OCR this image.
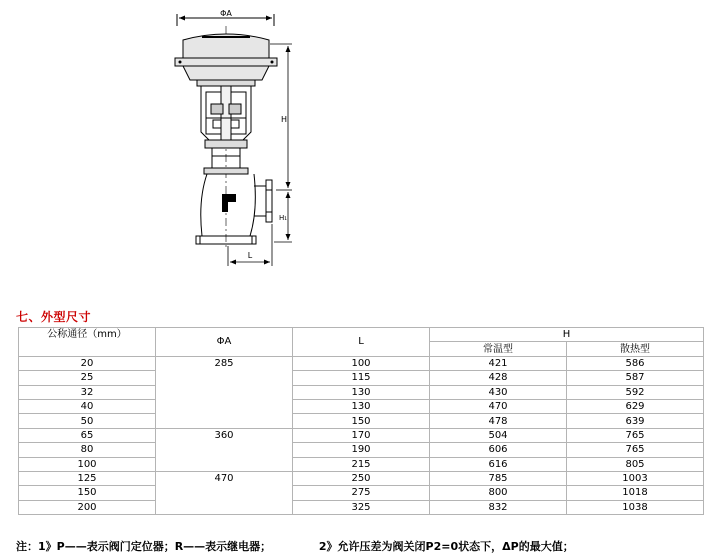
ΦA
H
H₁
L
七、外型尺寸
公称通径（mm）	ΦA	L	H	
			常温型	散热型
20	285	100	421	586
25		115	428	587
32		130	430	592
40		130	470	629
50		150	478	639
65	360	170	504	765
80		190	606	765
100		215	616	805
125	470	250	785	1003
150		275	800	1018
200		325	832	1038
注：1》P——表示阀门定位器；R——表示继电器；	2》允许压差为阀关闭P2=0状态下，ΔP的最大值；
